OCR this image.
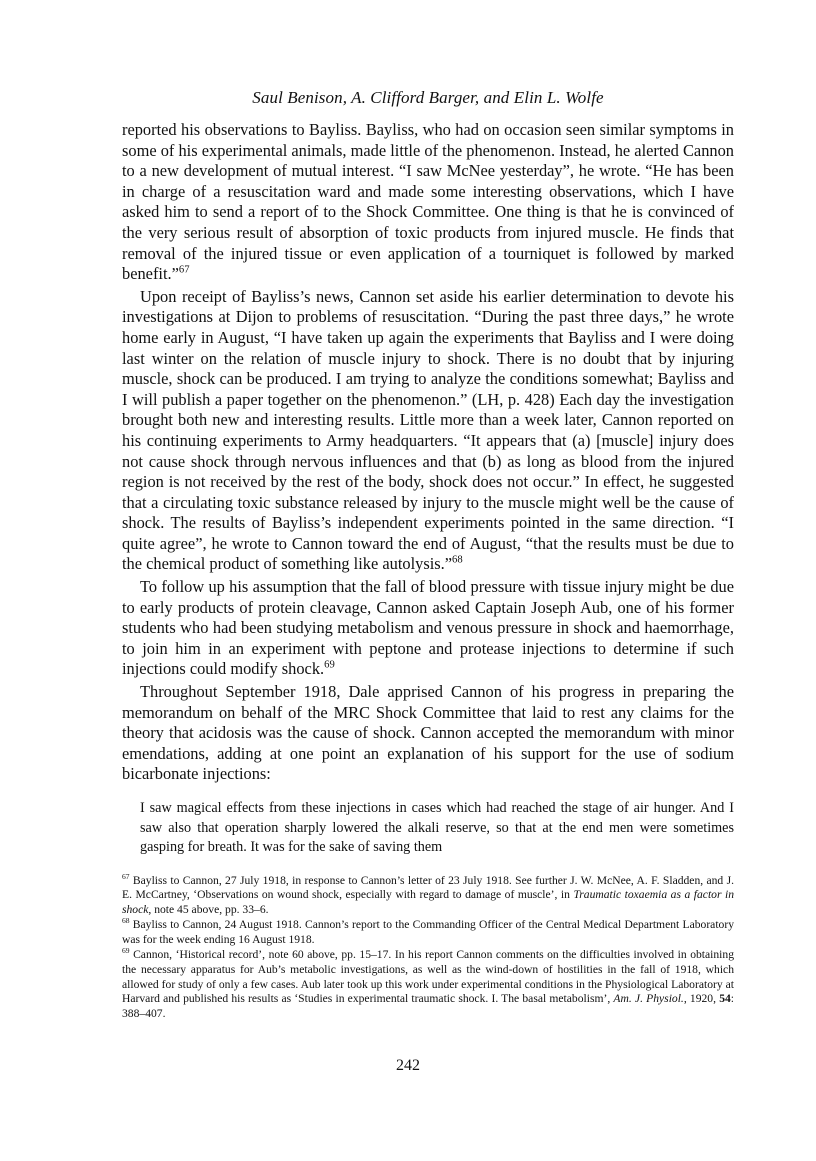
Saul Benison, A. Clifford Barger, and Elin L. Wolfe

reported his observations to Bayliss. Bayliss, who had on occasion seen similar symptoms in some of his experimental animals, made little of the phenomenon. Instead, he alerted Cannon to a new development of mutual interest. “I saw McNee yesterday”, he wrote. “He has been in charge of a resuscitation ward and made some interesting observations, which I have asked him to send a report of to the Shock Committee. One thing is that he is convinced of the very serious result of absorption of toxic products from injured muscle. He finds that removal of the injured tissue or even application of a tourniquet is followed by marked benefit.”$^{67}$

Upon receipt of Bayliss’s news, Cannon set aside his earlier determination to devote his investigations at Dijon to problems of resuscitation. “During the past three days,” he wrote home early in August, “I have taken up again the experiments that Bayliss and I were doing last winter on the relation of muscle injury to shock. There is no doubt that by injuring muscle, shock can be produced. I am trying to analyze the conditions somewhat; Bayliss and I will publish a paper together on the phenomenon.” (LH, p. 428) Each day the investigation brought both new and interesting results. Little more than a week later, Cannon reported on his continuing experiments to Army headquarters. “It appears that (a) [muscle] injury does not cause shock through nervous influences and that (b) as long as blood from the injured region is not received by the rest of the body, shock does not occur.” In effect, he suggested that a circulating toxic substance released by injury to the muscle might well be the cause of shock. The results of Bayliss’s independent experiments pointed in the same direction. “I quite agree”, he wrote to Cannon toward the end of August, “that the results must be due to the chemical product of something like autolysis.”$^{68}$

To follow up his assumption that the fall of blood pressure with tissue injury might be due to early products of protein cleavage, Cannon asked Captain Joseph Aub, one of his former students who had been studying metabolism and venous pressure in shock and haemorrhage, to join him in an experiment with peptone and protease injections to determine if such injections could modify shock.$^{69}$

Throughout September 1918, Dale apprised Cannon of his progress in preparing the memorandum on behalf of the MRC Shock Committee that laid to rest any claims for the theory that acidosis was the cause of shock. Cannon accepted the memorandum with minor emendations, adding at one point an explanation of his support for the use of sodium bicarbonate injections:

I saw magical effects from these injections in cases which had reached the stage of air hunger. And I saw also that operation sharply lowered the alkali reserve, so that at the end men were sometimes gasping for breath. It was for the sake of saving them

$^{67}$ Bayliss to Cannon, 27 July 1918, in response to Cannon’s letter of 23 July 1918. See further J. W. McNee, A. F. Sladden, and J. E. McCartney, ‘Observations on wound shock, especially with regard to damage of muscle’, in Traumatic toxaemia as a factor in shock, note 45 above, pp. 33–6.

$^{68}$ Bayliss to Cannon, 24 August 1918. Cannon’s report to the Commanding Officer of the Central Medical Department Laboratory was for the week ending 16 August 1918.

$^{69}$ Cannon, ‘Historical record’, note 60 above, pp. 15–17. In his report Cannon comments on the difficulties involved in obtaining the necessary apparatus for Aub’s metabolic investigations, as well as the wind-down of hostilities in the fall of 1918, which allowed for study of only a few cases. Aub later took up this work under experimental conditions in the Physiological Laboratory at Harvard and published his results as ‘Studies in experimental traumatic shock. I. The basal metabolism’, Am. J. Physiol., 1920, 54: 388–407.

242
